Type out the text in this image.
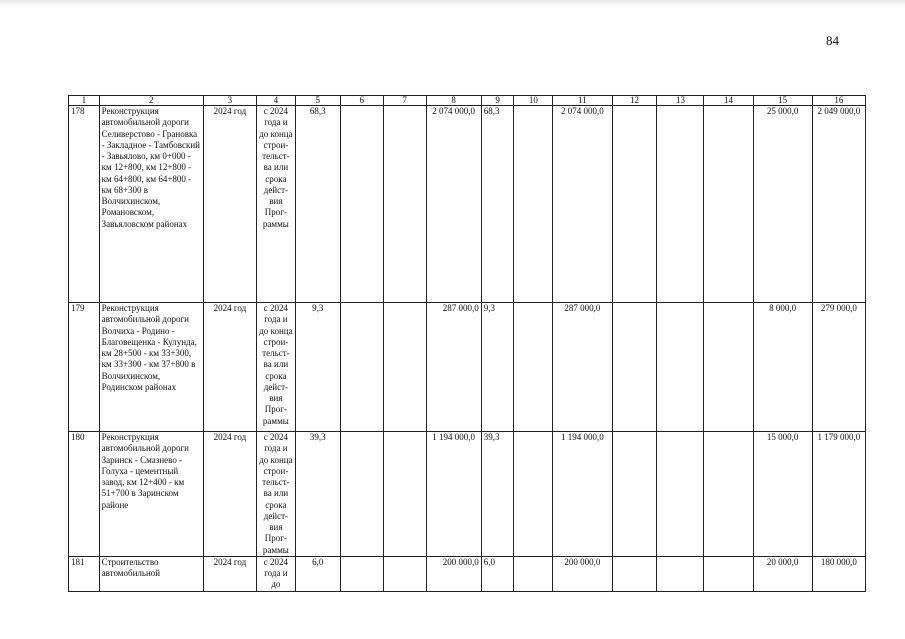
84
1	2	3	4	5	6	7	8	9	10	11	12	13	14	15	16
178	Реконструкция автомобильной дороги Селиверстово - Грановка - Закладное - Тамбовский - Завьялово, км 0+000 - км 12+800, км 12+800 - км 64+800, км 64+800 - км 68+300 в Волчихинском, Романовском, Завьяловском районах	2024 год	с 2024 года и до конца строи-тельст-ва или срока дейст-вия Прог-раммы	68,3			2 074 000,0	68,3		2 074 000,0				25 000,0	2 049 000,0
179	Реконструкция автомобильной дороги Волчиха - Родино - Благовещенка - Кулунда, км 28+500 - км 33+300, км 33+300 - км 37+800 в Волчихинском, Родинском районах	2024 год	с 2024 года и до конца строи-тельст-ва или срока дейст-вия Прог-раммы	9,3			287 000,0	9,3		287 000,0				8 000,0	279 000,0
180	Реконструкция автомобильной дороги Заринск - Смазнево - Голуха - цементный завод, км 12+400 - км 51+700 в Заринском районе	2024 год	с 2024 года и до конца строи-тельст-ва или срока дейст-вия Прог-раммы	39,3			1 194 000,0	39,3		1 194 000,0				15 000,0	1 179 000,0
181	Строительство автомобильной	2024 год	с 2024 года и до	6,0			200 000,0	6,0		200 000,0				20 000,0	180 000,0
